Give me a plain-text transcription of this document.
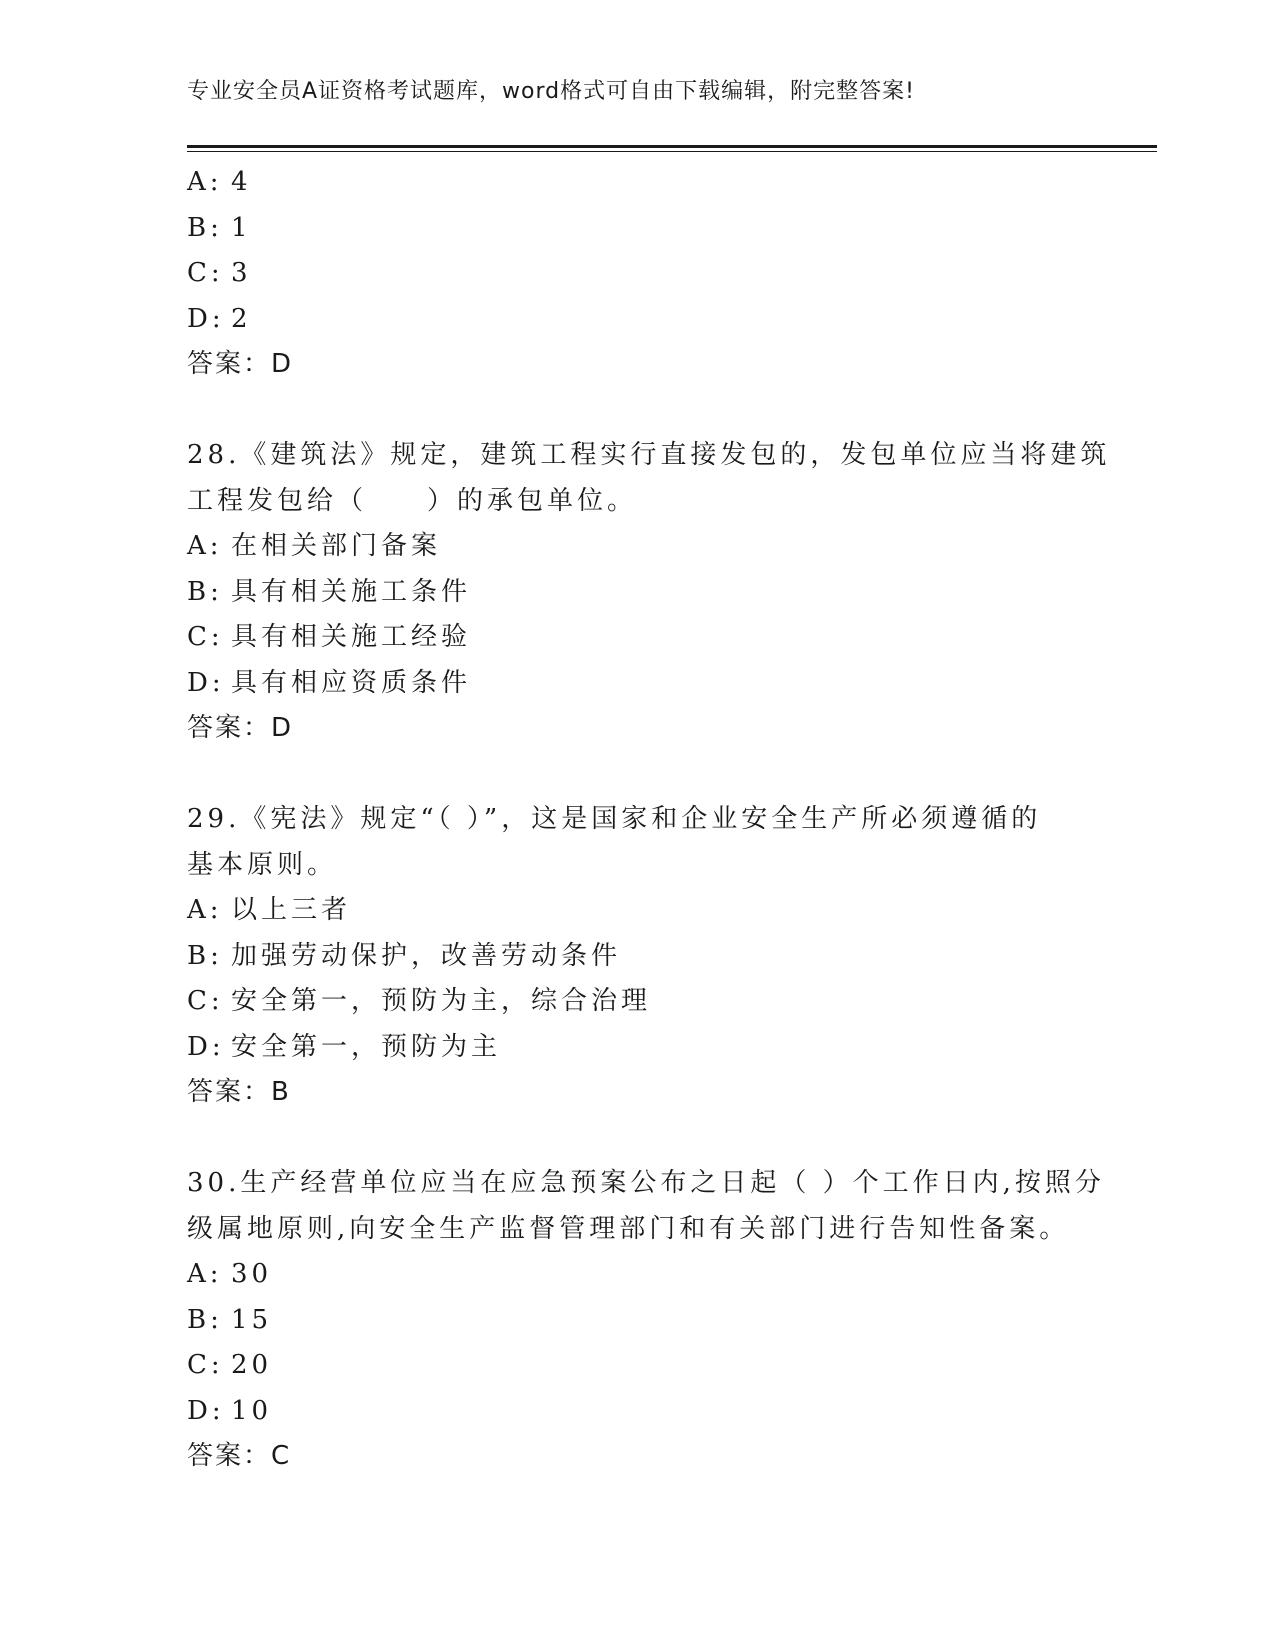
专业安全员A证资格考试题库，word格式可自由下载编辑，附完整答案!
A: 4
B: 1
C: 3
D: 2
答案：D
28.《建筑法》规定，建筑工程实行直接发包的，发包单位应当将建筑
工程发包给（　　）的承包单位。
A: 在相关部门备案
B: 具有相关施工条件
C: 具有相关施工经验
D: 具有相应资质条件
答案：D
29.《宪法》规定“（ ）”，这是国家和企业安全生产所必须遵循的
基本原则。
A: 以上三者
B: 加强劳动保护，改善劳动条件
C: 安全第一，预防为主，综合治理
D: 安全第一，预防为主
答案：B
30.生产经营单位应当在应急预案公布之日起（ ）个工作日内,按照分
级属地原则,向安全生产监督管理部门和有关部门进行告知性备案。
A: 30
B: 15
C: 20
D: 10
答案：C
